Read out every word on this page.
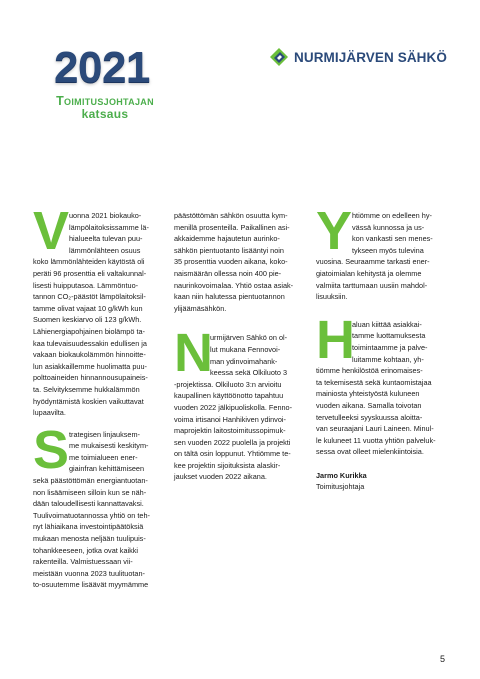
2021
Toimitusjohtajan
katsaus
NURMIJÄRVEN SÄHKÖ
V uonna 2021 biokauko-
lämpölaitoksissamme lä-
hialueelta tulevan puu-
lämmönlähteen osuus
koko lämmönlähteiden käytöstä oli
peräti 96 prosenttia eli valtakunnal-
lisesti huipputasoa. Lämmöntuo-
tannon CO₂-päästöt lämpölaitoksil-
tamme olivat vajaat 10 g/kWh kun
Suomen keskiarvo oli 123 g/kWh.
Lähienergiapohjainen biolämpö ta-
kaa tulevaisuudessakin edullisen ja
vakaan biokaukolämmön hinnoitte-
lun asiakkaillemme huolimatta puu-
polttoaineiden hinnannousupaineis-
ta. Selvityksemme hukkalämmön
hyödyntämistä koskien vaikuttavat
lupaavilta.
S trategisen linjauksem-
me mukaisesti keskitym-
me toimialueen ener-
giainfran kehittämiseen
sekä päästöttömän energiantuotan-
non lisäämiseen silloin kun se näh-
dään taloudellisesti kannattavaksi.
Tuulivoimatuotannossa yhtiö on teh-
nyt lähiaikana investointipäätöksiä
mukaan menosta neljään tuulipuis-
tohankkeeseen, jotka ovat kaikki
rakenteilla. Valmistuessaan vii-
meistään vuonna 2023 tuulituotan-
to-osuutemme lisäävät myymämme
päästöttömän sähkön osuutta kym-
menillä prosenteilla. Paikallinen asi-
akkaidemme hajautetun aurinko-
sähkön pientuotanto lisääntyi noin
35 prosenttia vuoden aikana, koko-
naismäärän ollessa noin 400 pie-
naurinkovoimalaa. Yhtiö ostaa asiak-
kaan niin halutessa pientuotannon
ylijäämäsähkön.
N
urmijärven Sähkö on ol-
lut mukana Fennovoi-
man ydinvoimahank-
keessa sekä Olkiluoto 3
-projektissa. Olkiluoto 3:n arvioitu
kaupallinen käyttöönotto tapahtuu
vuoden 2022 jälkipuoliskolla. Fenno-
voima irtisanoi Hanhikiven ydinvoi-
maprojektin laitostoimitussopimuk-
sen vuoden 2022 puolella ja projekti
on tältä osin loppunut. Yhtiömme te-
kee projektin sijoituksista alaskir-
jaukset vuoden 2022 aikana.
Y htiömme on edelleen hy-
vässä kunnossa ja us-
kon vankasti sen menes-
tykseen myös tulevina
vuosina. Seuraamme tarkasti ener-
giatoimialan kehitystä ja olemme
valmiita tarttumaan uusiin mahdol-
lisuuksiin.
H
aluan kiittää asiakkai-
tamme luottamuksesta
toimintaamme ja palve-
luitamme kohtaan, yh-
tiömme henkilöstöä erinomaises-
ta tekemisestä sekä kuntaomistajaa
mainiosta yhteistyöstä kuluneen
vuoden aikana. Samalla toivotan
tervetulleeksi syyskuussa aloitta-
van seuraajani Lauri Laineen. Minul-
le kuluneet 11 vuotta yhtiön palveluk-
sessa ovat olleet mielenkiintoisia.
Jarmo Kurikka
Toimitusjohtaja
5
